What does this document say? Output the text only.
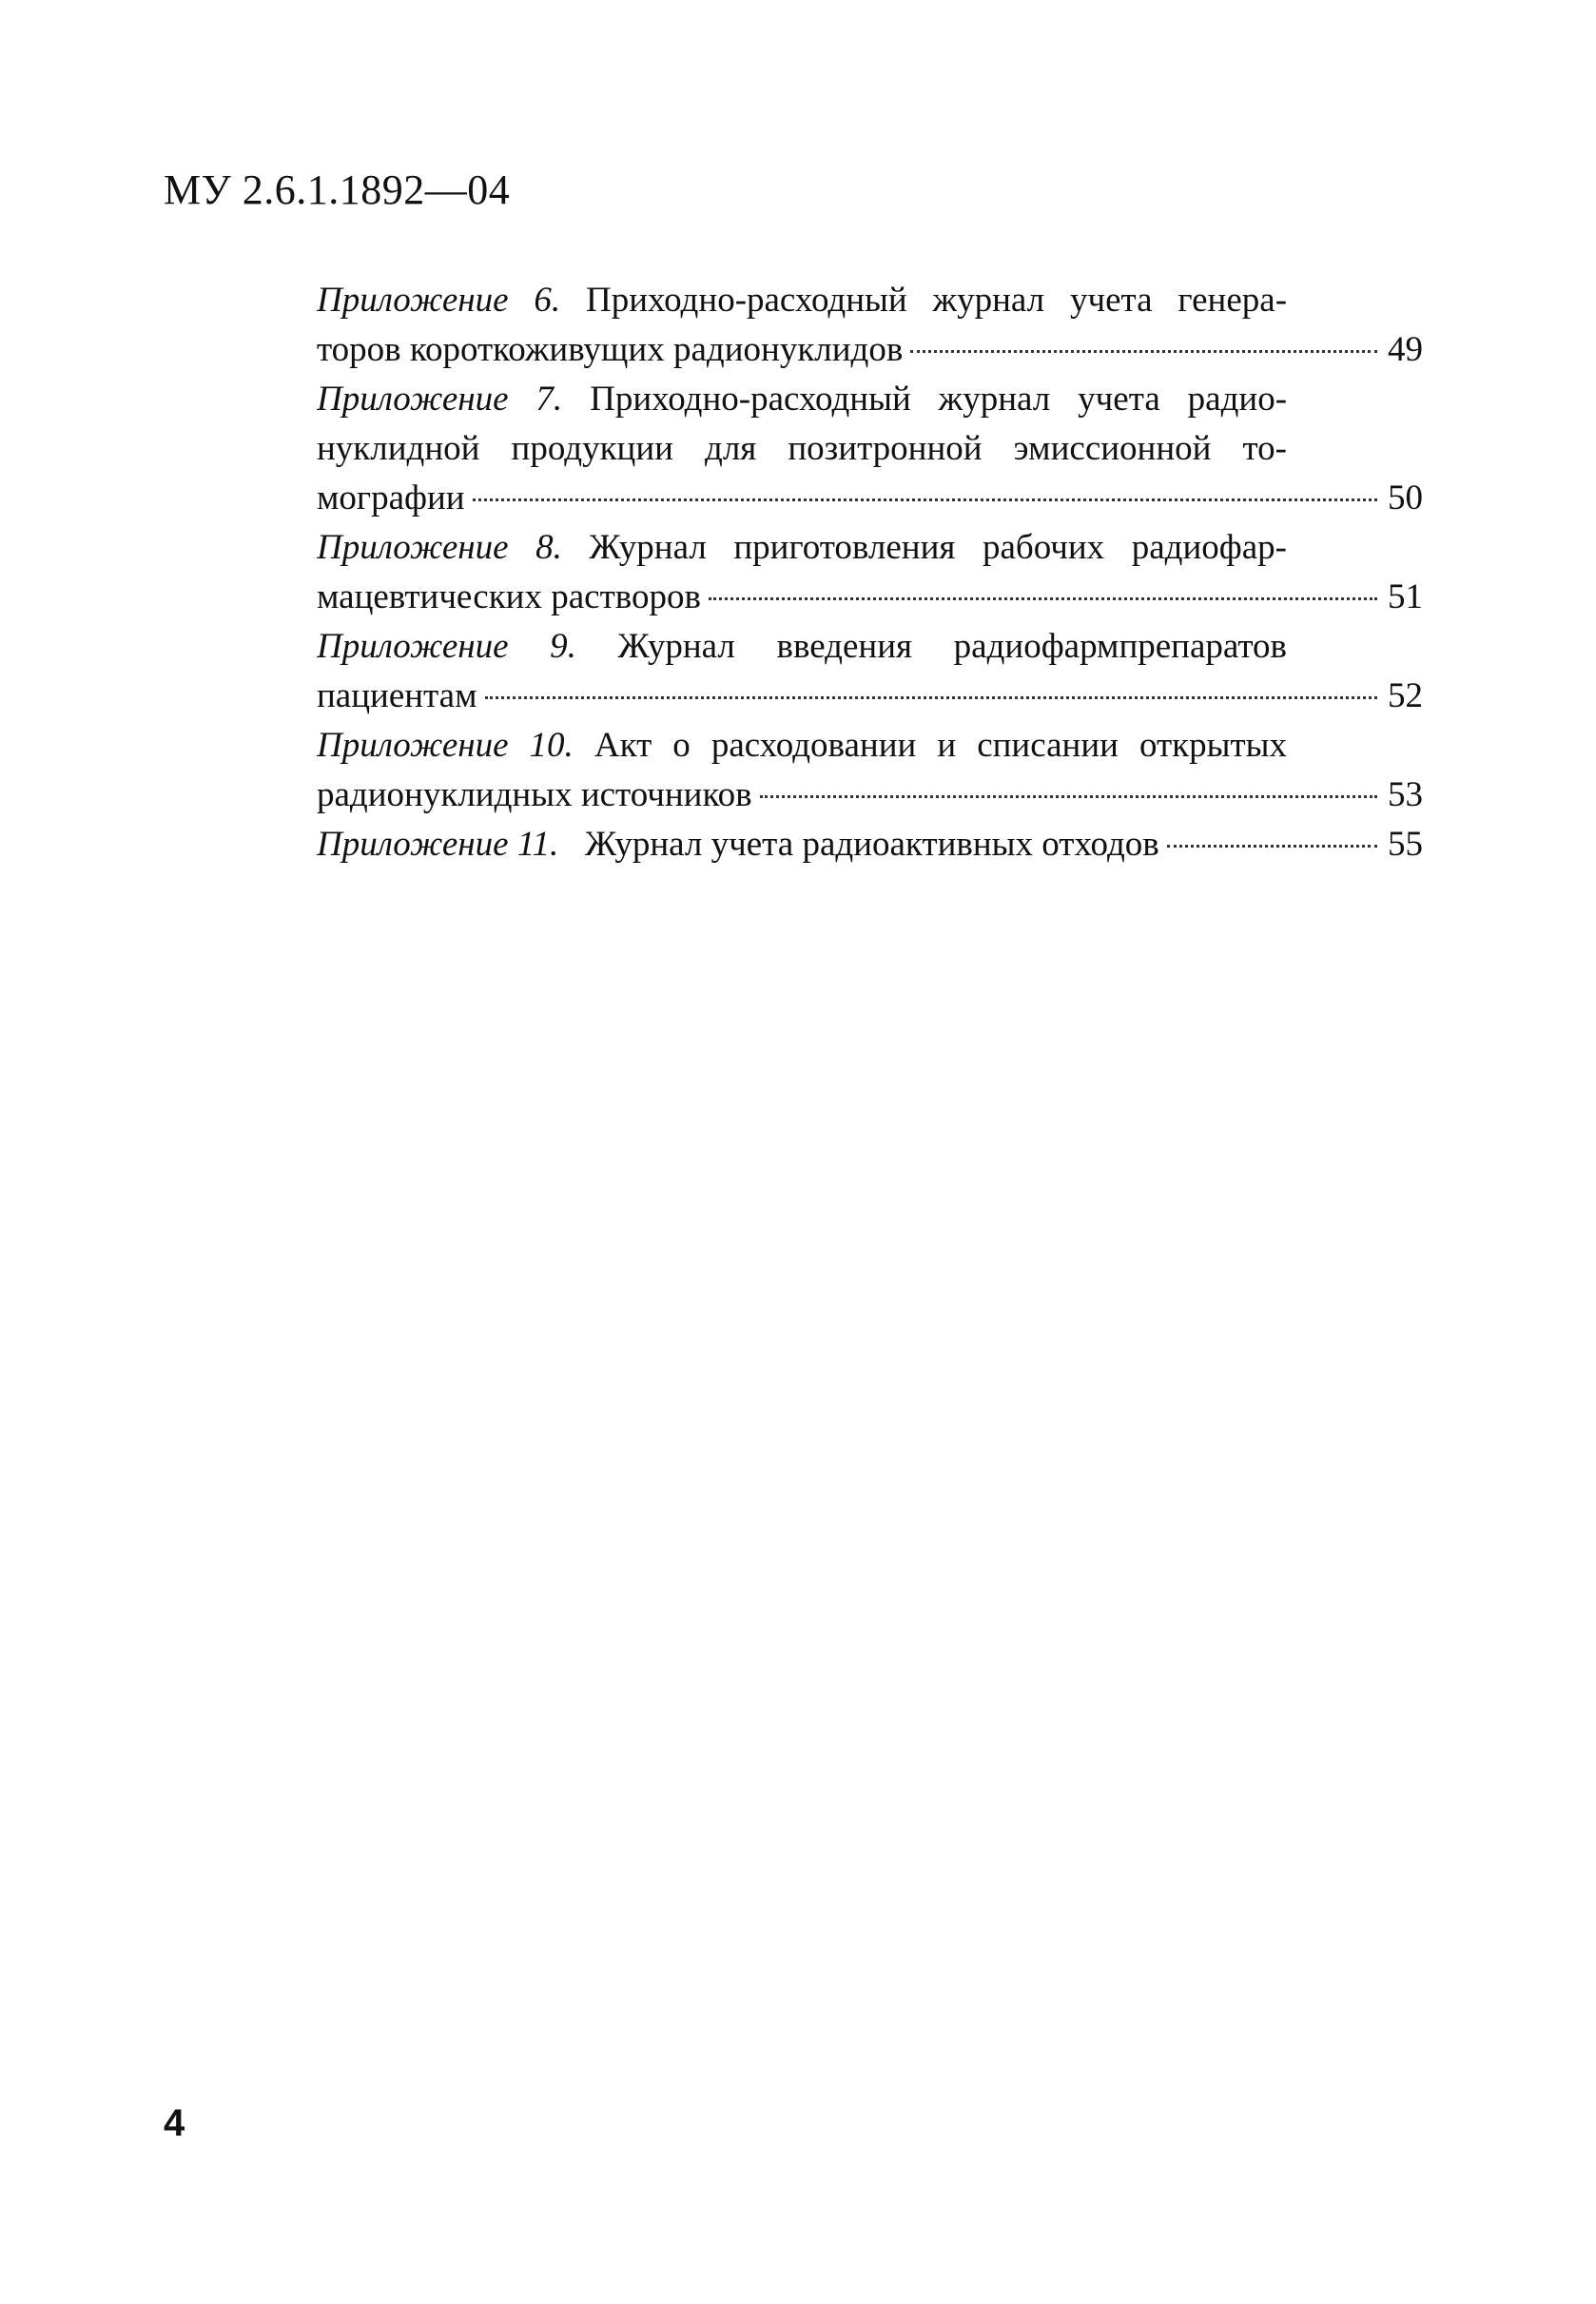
МУ 2.6.1.1892—04
Приложение 6. Приходно-расходный журнал учета генера-
торов короткоживущих радионуклидов	49
Приложение 7. Приходно-расходный журнал учета радио-
нуклидной продукции для позитронной эмиссионной то-
мографии	50
Приложение 8. Журнал приготовления рабочих радиофар-
мацевтических растворов	51
Приложение 9. Журнал введения радиофармпрепаратов
пациентам	52
Приложение 10. Акт о расходовании и списании открытых
радионуклидных источников	53
Приложение 11. Журнал учета радиоактивных отходов	55
4
